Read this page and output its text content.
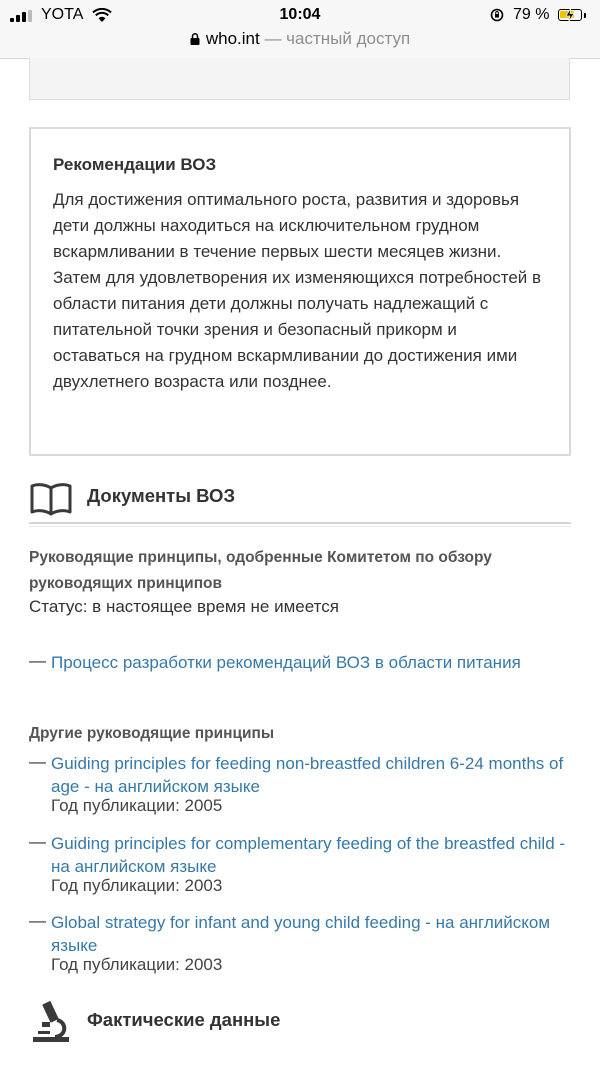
YOTA	10:04	79 %
who.int — частный доступ
Рекомендации ВОЗ
Для достижения оптимального роста, развития и здоровья дети должны находиться на исключительном грудном вскармливании в течение первых шести месяцев жизни. Затем для удовлетворения их изменяющихся потребностей в области питания дети должны получать надлежащий с питательной точки зрения и безопасный прикорм и оставаться на грудном вскармливании до достижения ими двухлетнего возраста или позднее.
Документы ВОЗ
Руководящие принципы, одобренные Комитетом по обзору руководящих принципов
Статус: в настоящее время не имеется
— Процесс разработки рекомендаций ВОЗ в области питания
Другие руководящие принципы
— Guiding principles for feeding non-breastfed children 6-24 months of age - на английском языке
Год публикации: 2005
— Guiding principles for complementary feeding of the breastfed child - на английском языке
Год публикации: 2003
— Global strategy for infant and young child feeding - на английском языке
Год публикации: 2003
Фактические данные
